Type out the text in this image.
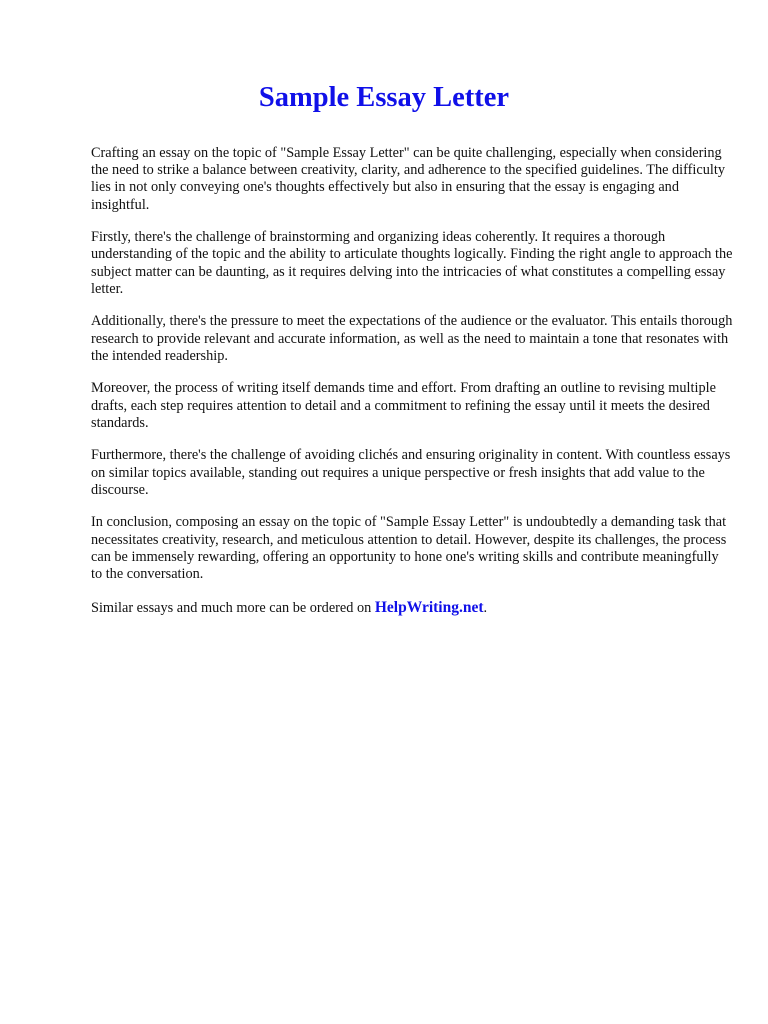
Sample Essay Letter

Crafting an essay on the topic of "Sample Essay Letter" can be quite challenging, especially when considering the need to strike a balance between creativity, clarity, and adherence to the specified guidelines. The difficulty lies in not only conveying one's thoughts effectively but also in ensuring that the essay is engaging and insightful.

Firstly, there's the challenge of brainstorming and organizing ideas coherently. It requires a thorough understanding of the topic and the ability to articulate thoughts logically. Finding the right angle to approach the subject matter can be daunting, as it requires delving into the intricacies of what constitutes a compelling essay letter.

Additionally, there's the pressure to meet the expectations of the audience or the evaluator. This entails thorough research to provide relevant and accurate information, as well as the need to maintain a tone that resonates with the intended readership.

Moreover, the process of writing itself demands time and effort. From drafting an outline to revising multiple drafts, each step requires attention to detail and a commitment to refining the essay until it meets the desired standards.

Furthermore, there's the challenge of avoiding clichés and ensuring originality in content. With countless essays on similar topics available, standing out requires a unique perspective or fresh insights that add value to the discourse.

In conclusion, composing an essay on the topic of "Sample Essay Letter" is undoubtedly a demanding task that necessitates creativity, research, and meticulous attention to detail. However, despite its challenges, the process can be immensely rewarding, offering an opportunity to hone one's writing skills and contribute meaningfully to the conversation.

Similar essays and much more can be ordered on HelpWriting.net.
